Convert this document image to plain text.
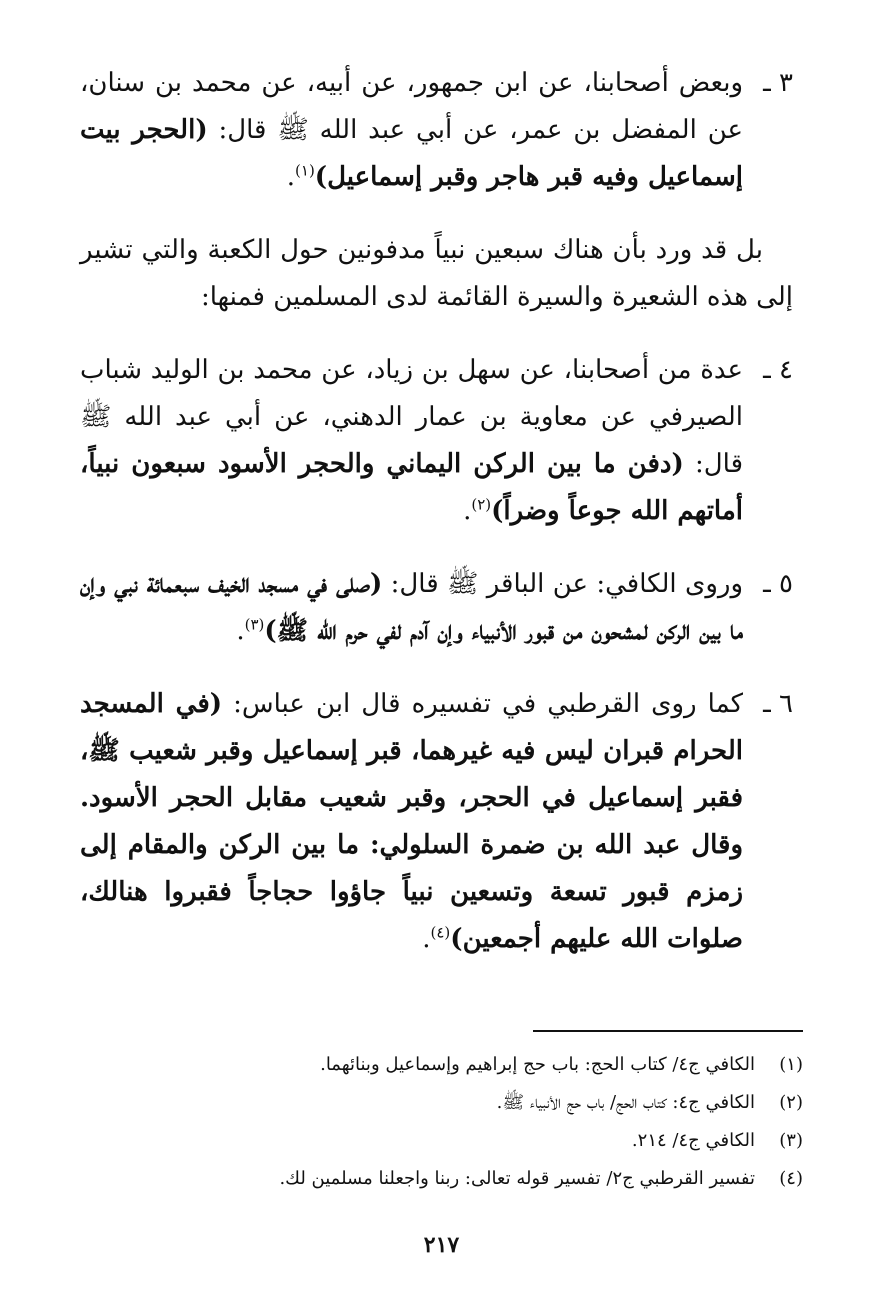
٣ ـ
وبعض أصحابنا، عن ابن جمهور، عن أبيه، عن محمد بن سنان، عن المفضل بن عمر، عن أبي عبد الله ﷺ قال: (الحجر بيت إسماعيل وفيه قبر هاجر وقبر إسماعيل)$^{(١)}$.

بل قد ورد بأن هناك سبعين نبياً مدفونين حول الكعبة والتي تشير إلى هذه الشعيرة والسيرة القائمة لدى المسلمين فمنها:

٤ ـ
عدة من أصحابنا، عن سهل بن زياد، عن محمد بن الوليد شباب الصيرفي عن معاوية بن عمار الدهني، عن أبي عبد الله ﷺ قال: (دفن ما بين الركن اليماني والحجر الأسود سبعون نبياً، أماتهم الله جوعاً وضراً)$^{(٢)}$.
٥ ـ
وروى الكافي: عن الباقر ﷺ قال: (صلى في مسجد الخيف سبعمائة نبي وإن ما بين الركن لمشحون من قبور الأنبياء وإن آدم لفي حرم الله ﷺ)$^{(٣)}$.
٦ ـ
كما روى القرطبي في تفسيره قال ابن عباس: (في المسجد الحرام قبران ليس فيه غيرهما، قبر إسماعيل وقبر شعيب ﷺ، فقبر إسماعيل في الحجر، وقبر شعيب مقابل الحجر الأسود. وقال عبد الله بن ضمرة السلولي: ما بين الركن والمقام إلى زمزم قبور تسعة وتسعين نبياً جاؤوا حجاجاً فقبروا هنالك، صلوات الله عليهم أجمعين)$^{(٤)}$.
(١)
الكافي ج٤/ كتاب الحج: باب حج إبراهيم وإسماعيل وبنائهما.
(٢)
الكافي ج٤: كتاب الحج/ باب حج الأنبياء ﷺ.
(٣)
الكافي ج٤/ ٢١٤.
(٤)
تفسير القرطبي ج٢/ تفسير قوله تعالى: ربنا واجعلنا مسلمين لك.
٢١٧
